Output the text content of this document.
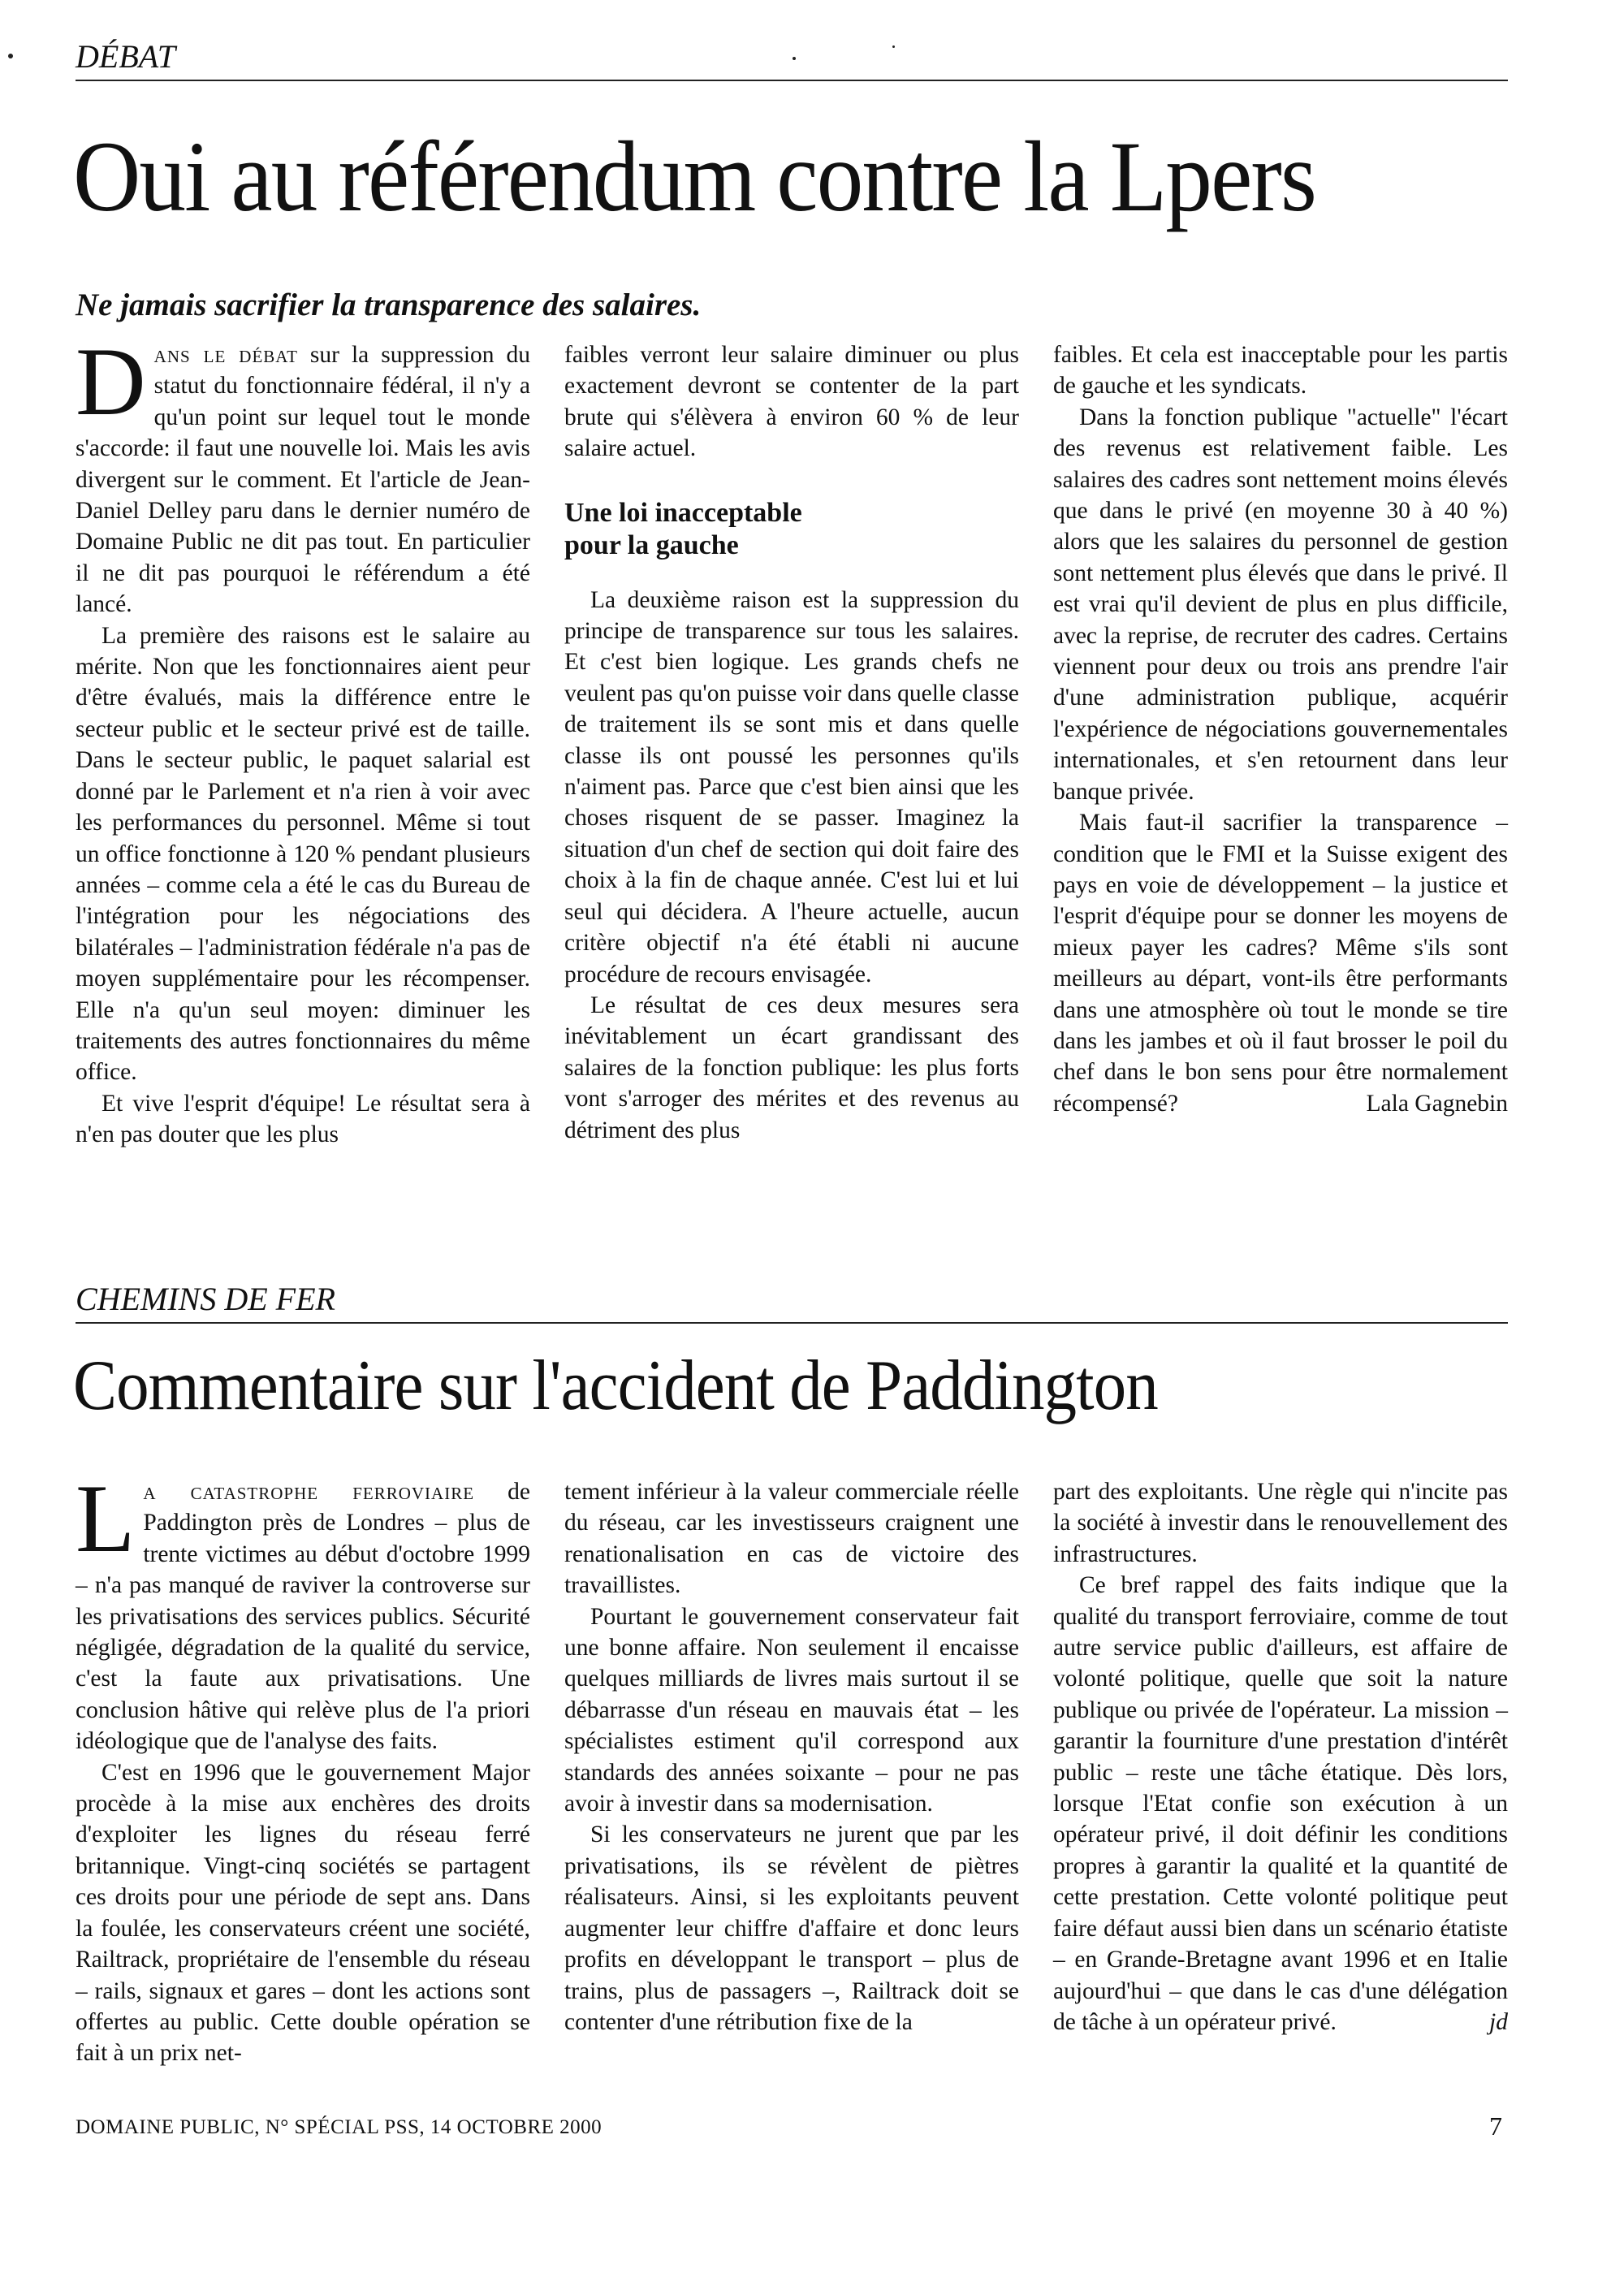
DÉBAT
Oui au référendum contre la Lpers
Ne jamais sacrifier la transparence des salaires.

Dans le débat sur la suppression du statut du fonctionnaire fédéral, il n'y a qu'un point sur lequel tout le monde s'accorde: il faut une nouvelle loi. Mais les avis divergent sur le comment. Et l'article de Jean-Daniel Delley paru dans le dernier numéro de Domaine Public ne dit pas tout. En particulier il ne dit pas pourquoi le référendum a été lancé.

La première des raisons est le salaire au mérite. Non que les fonctionnaires aient peur d'être évalués, mais la différence entre le secteur public et le secteur privé est de taille. Dans le secteur public, le paquet salarial est donné par le Parlement et n'a rien à voir avec les performances du personnel. Même si tout un office fonctionne à 120 % pendant plusieurs années – comme cela a été le cas du Bureau de l'intégration pour les négociations des bilatérales – l'administration fédérale n'a pas de moyen supplémentaire pour les récompenser. Elle n'a qu'un seul moyen: diminuer les traitements des autres fonctionnaires du même office.

Et vive l'esprit d'équipe! Le résultat sera à n'en pas douter que les plus

faibles verront leur salaire diminuer ou plus exactement devront se contenter de la part brute qui s'élèvera à environ 60 % de leur salaire actuel.

Une loi inacceptable
pour la gauche

La deuxième raison est la suppression du principe de transparence sur tous les salaires. Et c'est bien logique. Les grands chefs ne veulent pas qu'on puisse voir dans quelle classe de traitement ils se sont mis et dans quelle classe ils ont poussé les personnes qu'ils n'aiment pas. Parce que c'est bien ainsi que les choses risquent de se passer. Imaginez la situation d'un chef de section qui doit faire des choix à la fin de chaque année. C'est lui et lui seul qui décidera. A l'heure actuelle, aucun critère objectif n'a été établi ni aucune procédure de recours envisagée.

Le résultat de ces deux mesures sera inévitablement un écart grandissant des salaires de la fonction publique: les plus forts vont s'arroger des mérites et des revenus au détriment des plus

faibles. Et cela est inacceptable pour les partis de gauche et les syndicats.

Dans la fonction publique "actuelle" l'écart des revenus est relativement faible. Les salaires des cadres sont nettement moins élevés que dans le privé (en moyenne 30 à 40 %) alors que les salaires du personnel de gestion sont nettement plus élevés que dans le privé. Il est vrai qu'il devient de plus en plus difficile, avec la reprise, de recruter des cadres. Certains viennent pour deux ou trois ans prendre l'air d'une administration publique, acquérir l'expérience de négociations gouvernementales internationales, et s'en retournent dans leur banque privée.

Mais faut-il sacrifier la transparence – condition que le FMI et la Suisse exigent des pays en voie de développement – la justice et l'esprit d'équipe pour se donner les moyens de mieux payer les cadres? Même s'ils sont meilleurs au départ, vont-ils être performants dans une atmosphère où tout le monde se tire dans les jambes et où il faut brosser le poil du chef dans le bon sens pour être normalement récompensé?	Lala Gagnebin
CHEMINS DE FER
Commentaire sur l'accident de Paddington

La catastrophe ferroviaire de Paddington près de Londres – plus de trente victimes au début d'octobre 1999 – n'a pas manqué de raviver la controverse sur les privatisations des services publics. Sécurité négligée, dégradation de la qualité du service, c'est la faute aux privatisations. Une conclusion hâtive qui relève plus de l'a priori idéologique que de l'analyse des faits.

C'est en 1996 que le gouvernement Major procède à la mise aux enchères des droits d'exploiter les lignes du réseau ferré britannique. Vingt-cinq sociétés se partagent ces droits pour une période de sept ans. Dans la foulée, les conservateurs créent une société, Railtrack, propriétaire de l'ensemble du réseau – rails, signaux et gares – dont les actions sont offertes au public. Cette double opération se fait à un prix net-

tement inférieur à la valeur commerciale réelle du réseau, car les investisseurs craignent une renationalisation en cas de victoire des travaillistes.

Pourtant le gouvernement conservateur fait une bonne affaire. Non seulement il encaisse quelques milliards de livres mais surtout il se débarrasse d'un réseau en mauvais état – les spécialistes estiment qu'il correspond aux standards des années soixante – pour ne pas avoir à investir dans sa modernisation.

Si les conservateurs ne jurent que par les privatisations, ils se révèlent de piètres réalisateurs. Ainsi, si les exploitants peuvent augmenter leur chiffre d'affaire et donc leurs profits en développant le transport – plus de trains, plus de passagers –, Railtrack doit se contenter d'une rétribution fixe de la

part des exploitants. Une règle qui n'incite pas la société à investir dans le renouvellement des infrastructures.

Ce bref rappel des faits indique que la qualité du transport ferroviaire, comme de tout autre service public d'ailleurs, est affaire de volonté politique, quelle que soit la nature publique ou privée de l'opérateur. La mission – garantir la fourniture d'une prestation d'intérêt public – reste une tâche étatique. Dès lors, lorsque l'Etat confie son exécution à un opérateur privé, il doit définir les conditions propres à garantir la qualité et la quantité de cette prestation. Cette volonté politique peut faire défaut aussi bien dans un scénario étatiste – en Grande-Bretagne avant 1996 et en Italie aujourd'hui – que dans le cas d'une délégation de tâche à un opérateur privé.	jd

DOMAINE PUBLIC, N° SPÉCIAL PSS, 14 OCTOBRE 2000	7
